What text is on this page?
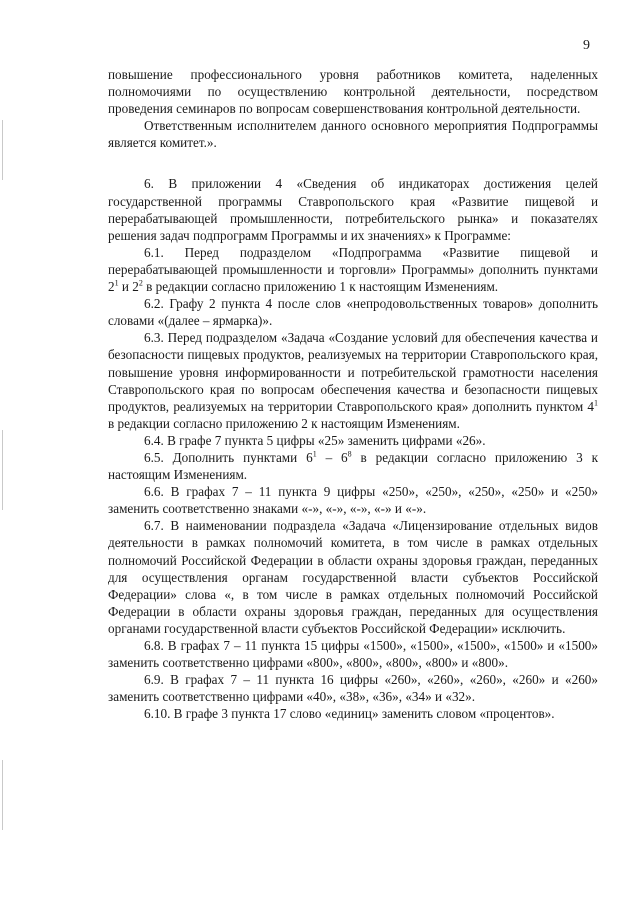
9

повышение профессионального уровня работников комитета, наделенных полномочиями по осуществлению контрольной деятельности, посредством проведения семинаров по вопросам совершенствования контрольной деятельности.

Ответственным исполнителем данного основного мероприятия Подпрограммы является комитет.».

6. В приложении 4 «Сведения об индикаторах достижения целей государственной программы Ставропольского края «Развитие пищевой и перерабатывающей промышленности, потребительского рынка» и показателях решения задач подпрограмм Программы и их значениях» к Программе:

6.1. Перед подразделом «Подпрограмма «Развитие пищевой и перерабатывающей промышленности и торговли» Программы» дополнить пунктами $2^1$ и $2^2$ в редакции согласно приложению 1 к настоящим Изменениям.

6.2. Графу 2 пункта 4 после слов «непродовольственных товаров» дополнить словами «(далее – ярмарка)».

6.3. Перед подразделом «Задача «Создание условий для обеспечения качества и безопасности пищевых продуктов, реализуемых на территории Ставропольского края, повышение уровня информированности и потребительской грамотности населения Ставропольского края по вопросам обеспечения качества и безопасности пищевых продуктов, реализуемых на территории Ставропольского края» дополнить пунктом $4^1$ в редакции согласно приложению 2 к настоящим Изменениям.

6.4. В графе 7 пункта 5 цифры «25» заменить цифрами «26».

6.5. Дополнить пунктами $6^1 - 6^8$ в редакции согласно приложению 3 к настоящим Изменениям.

6.6. В графах 7 – 11 пункта 9 цифры «250», «250», «250», «250» и «250» заменить соответственно знаками «-», «-», «-», «-» и «-».

6.7. В наименовании подраздела «Задача «Лицензирование отдельных видов деятельности в рамках полномочий комитета, в том числе в рамках отдельных полномочий Российской Федерации в области охраны здоровья граждан, переданных для осуществления органам государственной власти субъектов Российской Федерации» слова «, в том числе в рамках отдельных полномочий Российской Федерации в области охраны здоровья граждан, переданных для осуществления органами государственной власти субъектов Российской Федерации» исключить.

6.8. В графах 7 – 11 пункта 15 цифры «1500», «1500», «1500», «1500» и «1500» заменить соответственно цифрами «800», «800», «800», «800» и «800».

6.9. В графах 7 – 11 пункта 16 цифры «260», «260», «260», «260» и «260» заменить соответственно цифрами «40», «38», «36», «34» и «32».

6.10. В графе 3 пункта 17 слово «единиц» заменить словом «процентов».
